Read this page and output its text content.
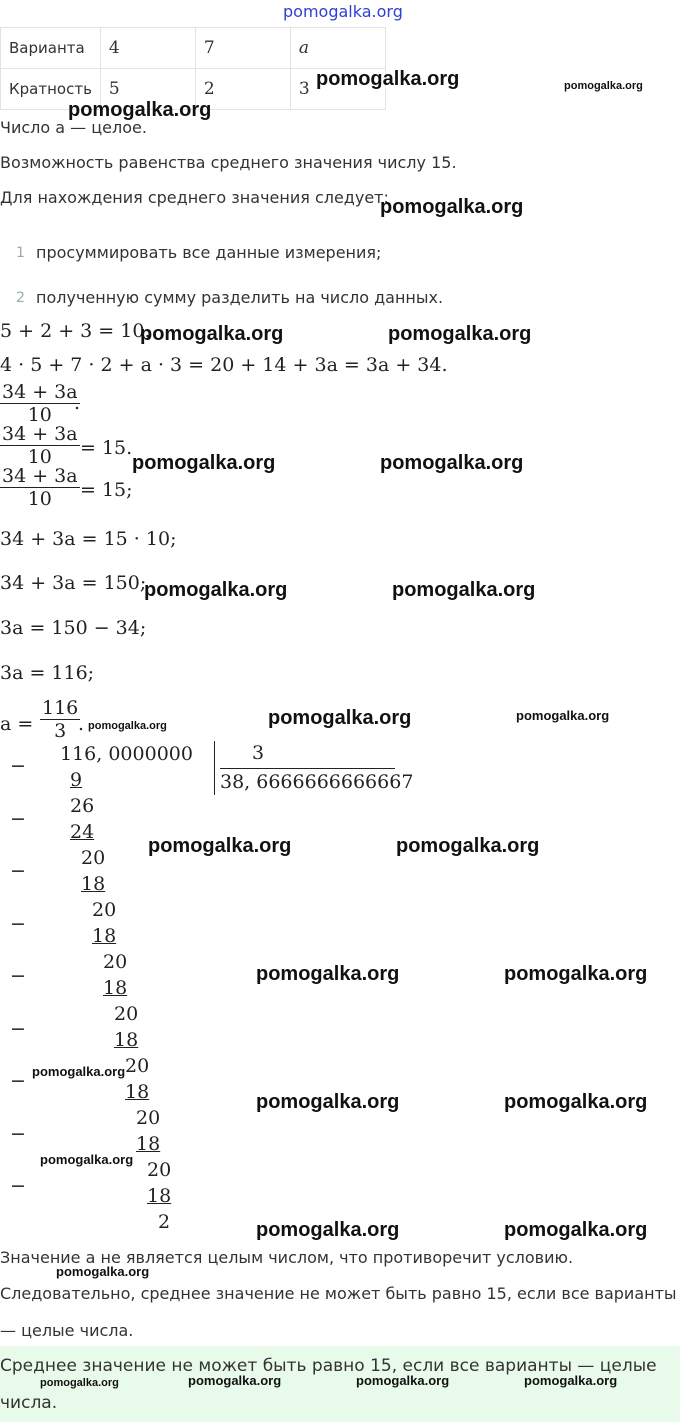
pomogalka.org
Варианта	4	7	a
Кратность	5	2	3
Число a — целое.
Возможность равенства среднего значения числу 15.
Для нахождения среднего значения следует:
1 просуммировать все данные измерения;
2 полученную сумму разделить на число данных.
5 + 2 + 3 = 10.
4 · 5 + 7 · 2 + a · 3 = 20 + 14 + 3a = 3a + 34.
$\frac{34 + 3a}{10}$
.
$\frac{34 + 3a}{10} = 15$.
$\frac{34 + 3a}{10} = 15$;
34 + 3a = 15 · 10;
34 + 3a = 150;
3a = 150 − 34;
3a = 116;
$a = \frac{116}{3}$
.
116, 0000000	3
38, 6666666666667
−
−
−
−
−
−
−
−
−
9
26
24
20
18
20
18
20
18
20
18
20
18
20
18
20
18
2
Значение a не является целым числом, что противоречит условию.
Следовательно, среднее значение не может быть равно 15, если все варианты
— целые числа.
Среднее значение не может быть равно 15, если все варианты — целые
числа.
pomogalka.org	pomogalka.org
pomogalka.org
pomogalka.org
pomogalka.org	pomogalka.org
pomogalka.org	pomogalka.org
pomogalka.org	pomogalka.org
pomogalka.org	pomogalka.org	pomogalka.org
pomogalka.org	pomogalka.org
pomogalka.org	pomogalka.org
pomogalka.org
pomogalka.org	pomogalka.org
pomogalka.org
pomogalka.org	pomogalka.org
pomogalka.org
pomogalka.org	pomogalka.org	pomogalka.org	pomogalka.org
